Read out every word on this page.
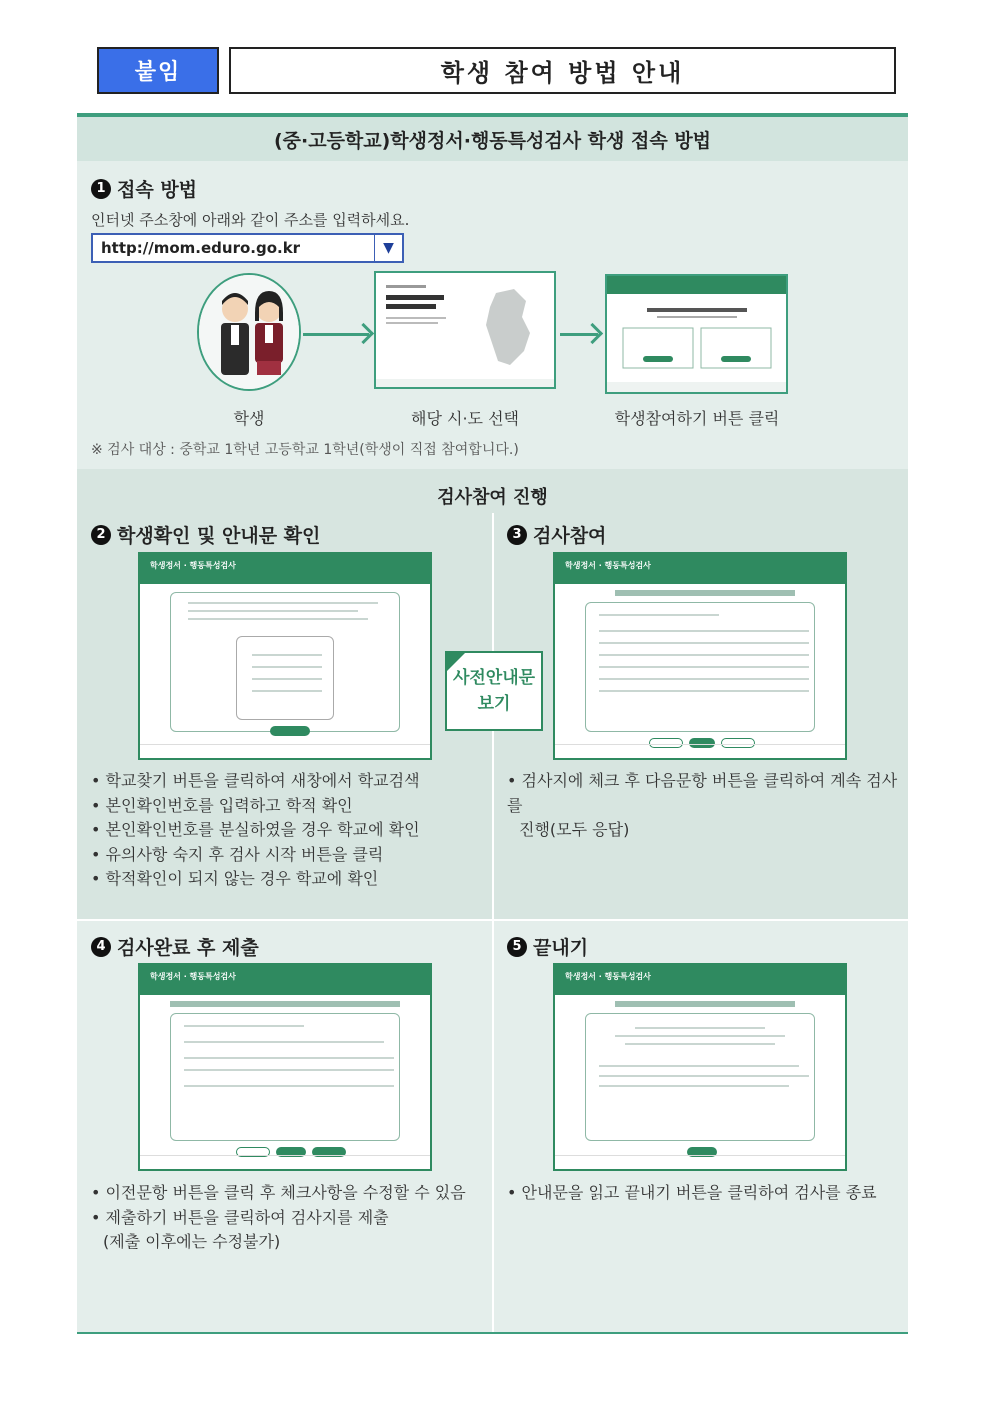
붙임	학생 참여 방법 안내
(중·고등학교)학생정서·행동특성검사 학생 접속 방법
1 접속 방법
인터넷 주소창에 아래와 같이 주소를 입력하세요.
http://mom.eduro.go.kr	▼
학생	해당 시·도 선택	학생참여하기 버튼 클릭
※ 검사 대상 : 중학교 1학년 고등학교 1학년(학생이 직접 참여합니다.)
검사참여 진행
2 학생확인 및 안내문 확인
학생정서 · 행동특성검사
• 학교찾기 버튼을 클릭하여 새창에서 학교검색
• 본인확인번호를 입력하고 학적 확인
• 본인확인번호를 분실하였을 경우 학교에 확인
• 유의사항 숙지 후 검사 시작 버튼을 클릭
• 학적확인이 되지 않는 경우 학교에 확인
3 검사참여
학생정서 · 행동특성검사
• 검사지에 체크 후 다음문항 버튼을 클릭하여 계속 검사를
진행(모두 응답)
사전안내문
보기
4 검사완료 후 제출
학생정서 · 행동특성검사
• 이전문항 버튼을 클릭 후 체크사항을 수정할 수 있음
• 제출하기 버튼을 클릭하여 검사지를 제출
(제출 이후에는 수정불가)
5 끝내기
학생정서 · 행동특성검사
• 안내문을 읽고 끝내기 버튼을 클릭하여 검사를 종료
